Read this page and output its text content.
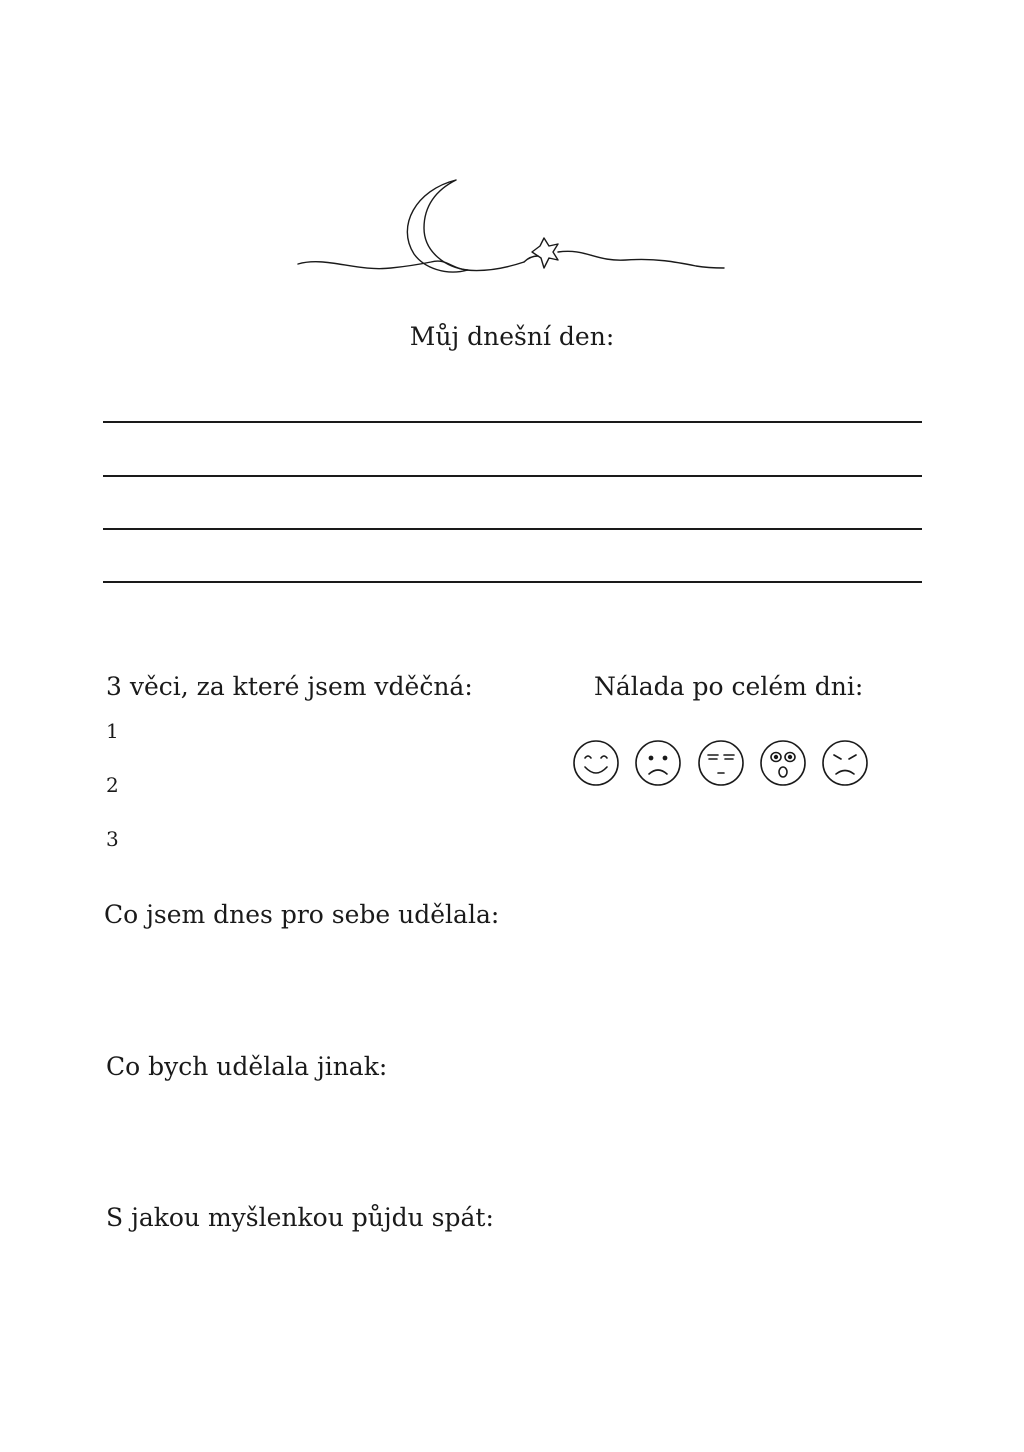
Můj dnešní den:
3 věci, za které jsem vděčná:
1
2
3
Nálada po celém dni:
Co jsem dnes pro sebe udělala:
Co bych udělala jinak:
S jakou myšlenkou půjdu spát:
